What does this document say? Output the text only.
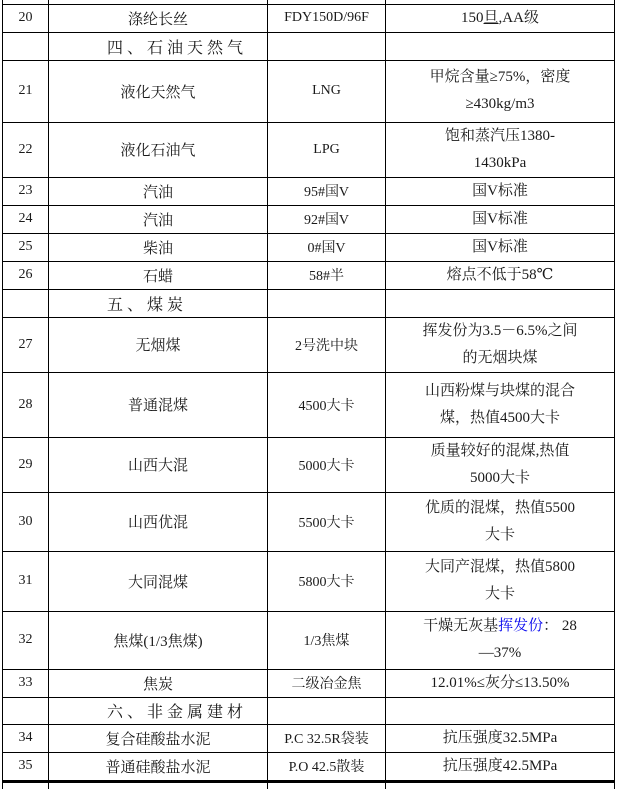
20	涤纶长丝	FDY150D/96F	150旦,AA级

	四、石油天然气		
21	液化天然气	LNG	甲烷含量≥75%，密度
≥430kg/m3

22	液化石油气	LPG	饱和蒸汽压1380-
1430kPa

23	汽油	95#国V	国V标准

24	汽油	92#国V	国V标准

25	柴油	0#国V	国V标准

26	石蜡	58#半	熔点不低于58℃

	五、煤炭		
27	无烟煤	2号洗中块	挥发份为3.5－6.5%之间
的无烟块煤

28	普通混煤	4500大卡	山西粉煤与块煤的混合
煤，热值4500大卡

29	山西大混	5000大卡	质量较好的混煤,热值
5000大卡

30	山西优混	5500大卡	优质的混煤，热值5500
大卡

31	大同混煤	5800大卡	大同产混煤，热值5800
大卡

32	焦煤(1/3焦煤)	1/3焦煤	干燥无灰基挥发份： 28
—37%

33	焦炭	二级冶金焦	12.01%≤灰分≤13.50%

	六、非金属建材		
34	复合硅酸盐水泥	P.C 32.5R袋装	抗压强度32.5MPa

35	普通硅酸盐水泥	P.O 42.5散装	抗压强度42.5MPa
